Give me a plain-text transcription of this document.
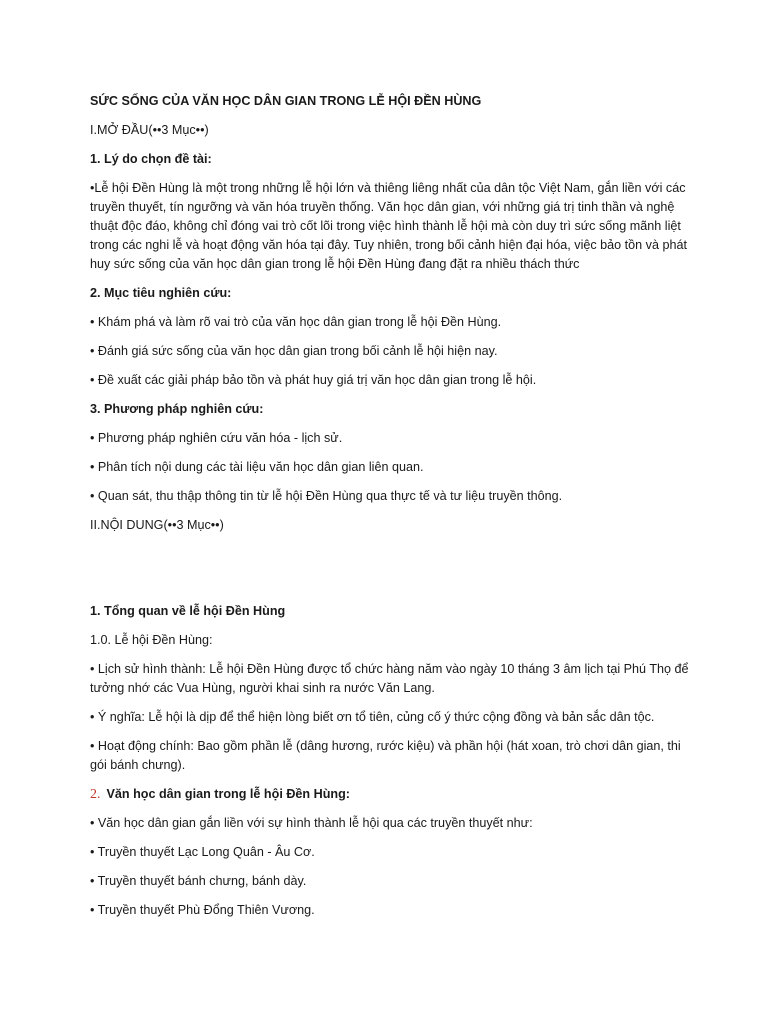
SỨC SỐNG CỦA VĂN HỌC DÂN GIAN TRONG LỄ HỘI ĐỀN HÙNG

I.MỞ ĐẦU(••3 Mục••)

1. Lý do chọn đề tài:

•Lễ hội Đền Hùng là một trong những lễ hội lớn và thiêng liêng nhất của dân tộc Việt Nam, gắn liền với các truyền thuyết, tín ngưỡng và văn hóa truyền thống. Văn học dân gian, với những giá trị tinh thần và nghệ thuật độc đáo, không chỉ đóng vai trò cốt lõi trong việc hình thành lễ hội mà còn duy trì sức sống mãnh liệt trong các nghi lễ và hoạt động văn hóa tại đây. Tuy nhiên, trong bối cảnh hiện đại hóa, việc bảo tồn và phát huy sức sống của văn học dân gian trong lễ hội Đền Hùng đang đặt ra nhiều thách thức

2. Mục tiêu nghiên cứu:

• Khám phá và làm rõ vai trò của văn học dân gian trong lễ hội Đền Hùng.

• Đánh giá sức sống của văn học dân gian trong bối cảnh lễ hội hiện nay.

• Đề xuất các giải pháp bảo tồn và phát huy giá trị văn học dân gian trong lễ hội.

3. Phương pháp nghiên cứu:

• Phương pháp nghiên cứu văn hóa - lịch sử.

• Phân tích nội dung các tài liệu văn học dân gian liên quan.

• Quan sát, thu thập thông tin từ lễ hội Đền Hùng qua thực tế và tư liệu truyền thông.

II.NỘI DUNG(••3 Mục••)

1. Tổng quan về lễ hội Đền Hùng

1.0. Lễ hội Đền Hùng:

• Lịch sử hình thành: Lễ hội Đền Hùng được tổ chức hàng năm vào ngày 10 tháng 3 âm lịch tại Phú Thọ để tưởng nhớ các Vua Hùng, người khai sinh ra nước Văn Lang.

• Ý nghĩa: Lễ hội là dịp để thể hiện lòng biết ơn tổ tiên, củng cố ý thức cộng đồng và bản sắc dân tộc.

• Hoạt động chính: Bao gồm phần lễ (dâng hương, rước kiệu) và phần hội (hát xoan, trò chơi dân gian, thi gói bánh chưng).

2. Văn học dân gian trong lễ hội Đền Hùng:

• Văn học dân gian gắn liền với sự hình thành lễ hội qua các truyền thuyết như:

• Truyền thuyết Lạc Long Quân - Âu Cơ.

• Truyền thuyết bánh chưng, bánh dày.

• Truyền thuyết Phù Đổng Thiên Vương.
